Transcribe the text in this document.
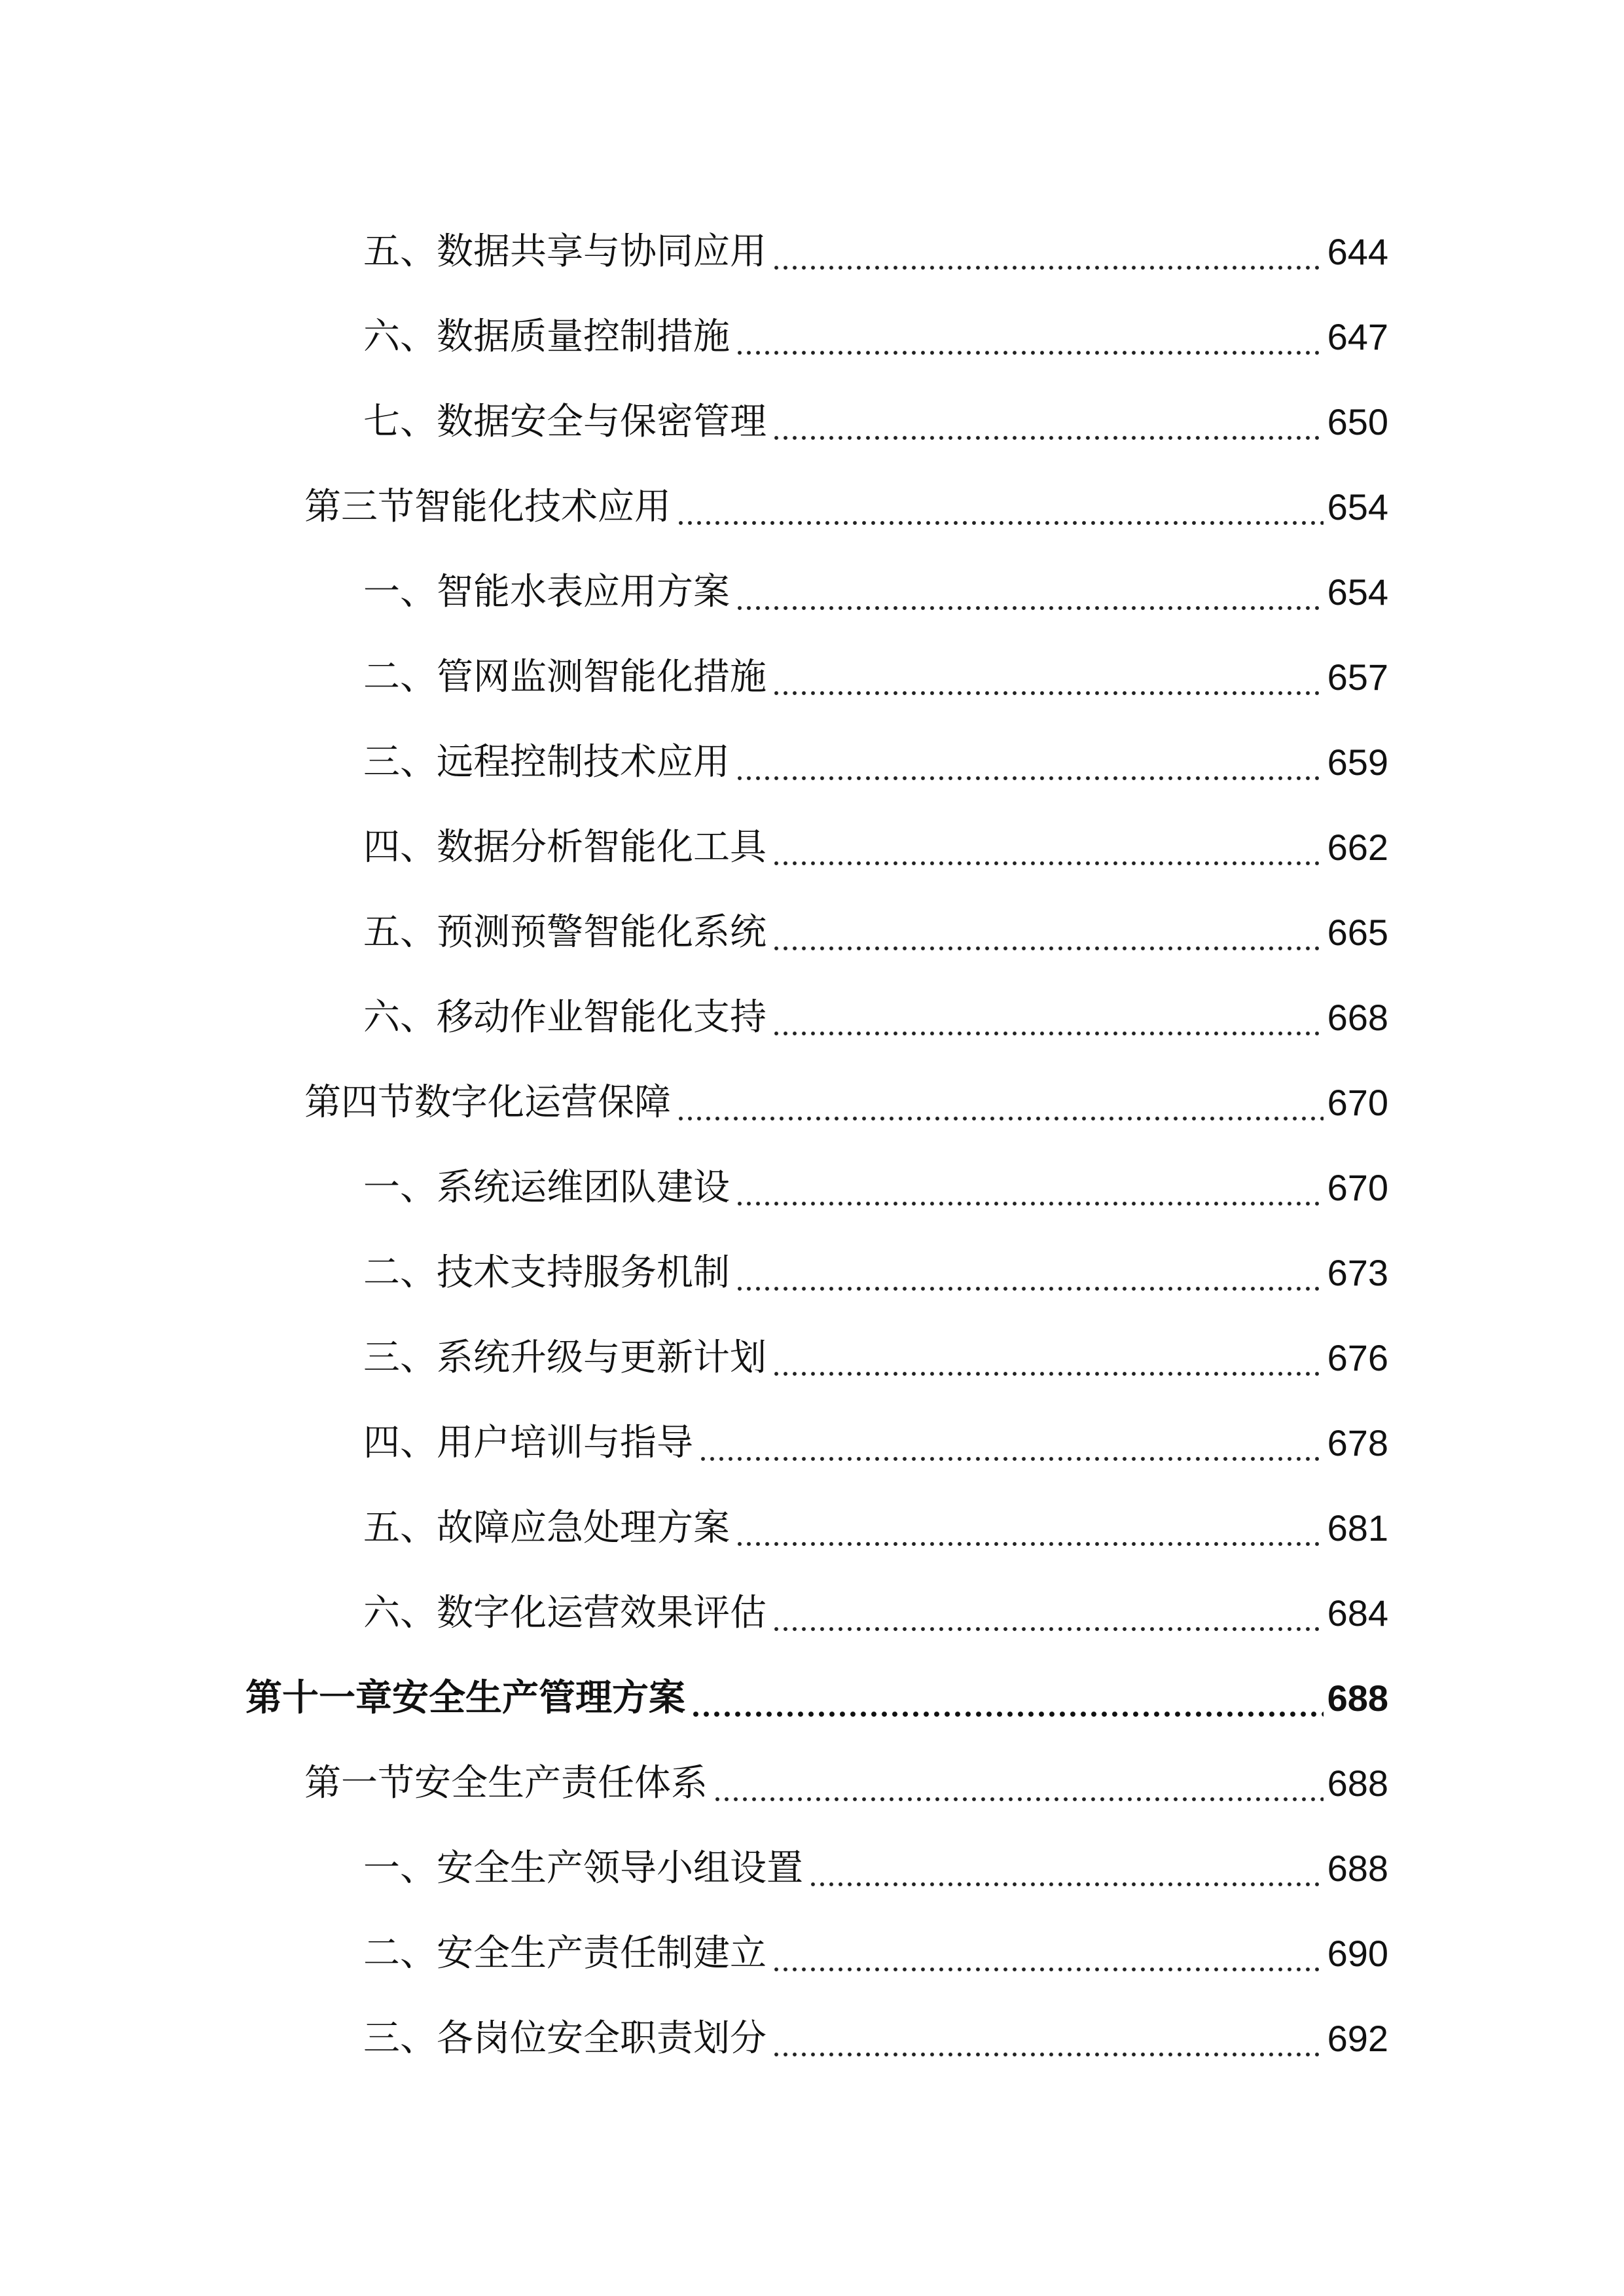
五、数据共享与协同应用	644
六、数据质量控制措施	647
七、数据安全与保密管理	650
第三节智能化技术应用	654
一、智能水表应用方案	654
二、管网监测智能化措施	657
三、远程控制技术应用	659
四、数据分析智能化工具	662
五、预测预警智能化系统	665
六、移动作业智能化支持	668
第四节数字化运营保障	670
一、系统运维团队建设	670
二、技术支持服务机制	673
三、系统升级与更新计划	676
四、用户培训与指导	678
五、故障应急处理方案	681
六、数字化运营效果评估	684
第十一章安全生产管理方案	688
第一节安全生产责任体系	688
一、安全生产领导小组设置	688
二、安全生产责任制建立	690
三、各岗位安全职责划分	692
